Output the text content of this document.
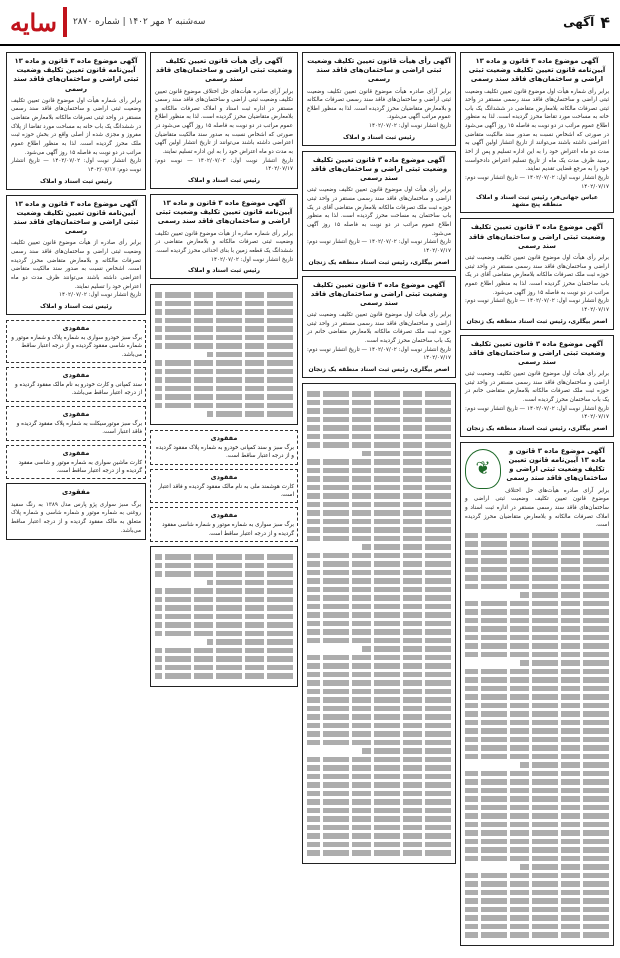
۴
آگهی
سه‌شنبه ۲ مهر ۱۴۰۲ | شماره ۲۸۷۰
سایه
آگهی موضوع ماده ۳ قانون و ماده ۱۳ آیین‌نامه قانون تعیین تکلیف وضعیت ثبتی اراضی و ساختمان‌های فاقد سند رسمی

برابر رأی شماره هیأت اول موضوع قانون تعیین تکلیف وضعیت ثبتی اراضی و ساختمان‌های فاقد سند رسمی مستقر در واحد ثبتی تصرفات مالکانه بلامعارض متقاضی در ششدانگ یک باب خانه به مساحت مورد تقاضا محرز گردیده است. لذا به منظور اطلاع عموم مراتب در دو نوبت به فاصله ۱۵ روز آگهی می‌شود در صورتی که اشخاص نسبت به صدور سند مالکیت متقاضی اعتراضی داشته باشند می‌توانند از تاریخ انتشار اولین آگهی به مدت دو ماه اعتراض خود را به این اداره تسلیم و پس از اخذ رسید ظرف مدت یک ماه از تاریخ تسلیم اعتراض دادخواست خود را به مرجع قضایی تقدیم نمایند.

تاریخ انتشار نوبت اول: ۱۴۰۲/۰۷/۰۲ — تاریخ انتشار نوبت دوم: ۱۴۰۲/۰۷/۱۷

عباس جهانی‌فر، رئیس ثبت اسناد و املاک منطقه پنج مشهد
آگهی موضوع ماده ۳ قانون تعیین تکلیف وضعیت ثبتی اراضی و ساختمان‌های فاقد سند رسمی

برابر رأی هیأت اول موضوع قانون تعیین تکلیف وضعیت ثبتی اراضی و ساختمان‌های فاقد سند رسمی مستقر در واحد ثبتی حوزه ثبت ملک تصرفات مالکانه بلامعارض متقاضی آقای در یک باب ساختمان محرز گردیده است. لذا به منظور اطلاع عموم مراتب در دو نوبت به فاصله ۱۵ روز آگهی می‌شود.

تاریخ انتشار نوبت اول: ۱۴۰۲/۰۷/۰۲ — تاریخ انتشار نوبت دوم: ۱۴۰۲/۰۷/۱۷

اصغر بیگلری، رئیس ثبت اسناد منطقه یک زنجان
آگهی موضوع ماده ۳ قانون تعیین تکلیف وضعیت ثبتی اراضی و ساختمان‌های فاقد سند رسمی

برابر رأی هیأت اول موضوع قانون تعیین تکلیف وضعیت ثبتی اراضی و ساختمان‌های فاقد سند رسمی مستقر در واحد ثبتی حوزه ثبت ملک تصرفات مالکانه بلامعارض متقاضی خانم در یک باب ساختمان محرز گردیده است.

تاریخ انتشار نوبت اول: ۱۴۰۲/۰۷/۰۲ — تاریخ انتشار نوبت دوم: ۱۴۰۲/۰۷/۱۷

اصغر بیگلری، رئیس ثبت اسناد منطقه یک زنجان
❦
آگهی موضوع ماده ۳ قانون و ماده ۱۳ آیین‌نامه قانون تعیین تکلیف وضعیت ثبتی اراضی و ساختمان‌های فاقد سند رسمی

برابر آرای صادره هیأت‌های حل اختلاف موضوع قانون تعیین تکلیف وضعیت ثبتی اراضی و ساختمان‌های فاقد سند رسمی مستقر در اداره ثبت اسناد و املاک تصرفات مالکانه و بلامعارض متقاضیان محرز گردیده است.

آگهی رأی هیأت قانون تعیین تکلیف وضعیت ثبتی اراضی و ساختمان‌های فاقد سند رسمی

برابر آرای صادره هیأت موضوع قانون تعیین تکلیف وضعیت ثبتی اراضی و ساختمان‌های فاقد سند رسمی تصرفات مالکانه و بلامعارض متقاضیان محرز گردیده است. لذا به منظور اطلاع عموم مراتب آگهی می‌شود.

تاریخ انتشار نوبت اول: ۱۴۰۲/۰۷/۰۲

رئیس ثبت اسناد و املاک
آگهی موضوع ماده ۳ قانون تعیین تکلیف وضعیت ثبتی اراضی و ساختمان‌های فاقد سند رسمی

برابر رأی هیأت اول موضوع قانون تعیین تکلیف وضعیت ثبتی اراضی و ساختمان‌های فاقد سند رسمی مستقر در واحد ثبتی حوزه ثبت ملک تصرفات مالکانه بلامعارض متقاضی آقای در یک باب ساختمان به مساحت محرز گردیده است. لذا به منظور اطلاع عموم مراتب در دو نوبت به فاصله ۱۵ روز آگهی می‌شود.

تاریخ انتشار نوبت اول: ۱۴۰۲/۰۷/۰۲ — تاریخ انتشار نوبت دوم: ۱۴۰۲/۰۷/۱۷

اصغر بیگلری، رئیس ثبت اسناد منطقه یک زنجان
آگهی موضوع ماده ۳ قانون تعیین تکلیف وضعیت ثبتی اراضی و ساختمان‌های فاقد سند رسمی

برابر رأی هیأت اول موضوع قانون تعیین تکلیف وضعیت ثبتی اراضی و ساختمان‌های فاقد سند رسمی مستقر در واحد ثبتی حوزه ثبت ملک تصرفات مالکانه بلامعارض متقاضی خانم در یک باب ساختمان محرز گردیده است.

تاریخ انتشار نوبت اول: ۱۴۰۲/۰۷/۰۲ — تاریخ انتشار نوبت دوم: ۱۴۰۲/۰۷/۱۷

اصغر بیگلری، رئیس ثبت اسناد منطقه یک زنجان
آگهی رأی هیأت قانون تعیین تکلیف وضعیت ثبتی اراضی و ساختمان‌های فاقد سند رسمی

برابر آرای صادره هیأت‌های حل اختلاف موضوع قانون تعیین تکلیف وضعیت ثبتی اراضی و ساختمان‌های فاقد سند رسمی مستقر در اداره ثبت اسناد و املاک تصرفات مالکانه و بلامعارض متقاضیان محرز گردیده است. لذا به منظور اطلاع عموم مراتب در دو نوبت به فاصله ۱۵ روز آگهی می‌شود در صورتی که اشخاص نسبت به صدور سند مالکیت متقاضیان اعتراضی داشته باشند می‌توانند از تاریخ انتشار اولین آگهی به مدت دو ماه اعتراض خود را به این اداره تسلیم نمایند.

تاریخ انتشار نوبت اول: ۱۴۰۲/۰۷/۰۲ — نوبت دوم: ۱۴۰۲/۰۷/۱۷

رئیس ثبت اسناد و املاک
آگهی موضوع ماده ۳ قانون و ماده ۱۳ آیین‌نامه قانون تعیین تکلیف وضعیت ثبتی اراضی و ساختمان‌های فاقد سند رسمی

برابر رأی شماره صادره از هیأت موضوع قانون تعیین تکلیف وضعیت ثبتی تصرفات مالکانه و بلامعارض متقاضی در ششدانگ یک قطعه زمین با بنای احداثی محرز گردیده است.

تاریخ انتشار نوبت اول: ۱۴۰۲/۰۷/۰۲

رئیس ثبت اسناد و املاک
مفقودی

برگ سبز و سند کمپانی خودرو به شماره پلاک مفقود گردیده و از درجه اعتبار ساقط است.

مفقودی

کارت هوشمند ملی به نام مالک مفقود گردیده و فاقد اعتبار است.

مفقودی

برگ سبز سواری به شماره موتور و شماره شاسی مفقود گردیده و از درجه اعتبار ساقط است.

آگهی موضوع ماده ۳ قانون و ماده ۱۳ آیین‌نامه قانون تعیین تکلیف وضعیت ثبتی اراضی و ساختمان‌های فاقد سند رسمی

برابر رأی شماره هیأت اول موضوع قانون تعیین تکلیف وضعیت ثبتی اراضی و ساختمان‌های فاقد سند رسمی مستقر در واحد ثبتی تصرفات مالکانه بلامعارض متقاضی در ششدانگ یک باب خانه به مساحت مورد تقاضا از پلاک مفروز و مجزی شده از اصلی واقع در بخش حوزه ثبت ملک محرز گردیده است. لذا به منظور اطلاع عموم مراتب در دو نوبت به فاصله ۱۵ روز آگهی می‌شود.

تاریخ انتشار نوبت اول: ۱۴۰۲/۰۷/۰۲ — تاریخ انتشار نوبت دوم: ۱۴۰۲/۰۷/۱۷

رئیس ثبت اسناد و املاک
آگهی موضوع ماده ۳ قانون و ماده ۱۳ آیین‌نامه قانون تعیین تکلیف وضعیت ثبتی اراضی و ساختمان‌های فاقد سند رسمی

برابر رأی صادره از هیأت موضوع قانون تعیین تکلیف وضعیت ثبتی اراضی و ساختمان‌های فاقد سند رسمی تصرفات مالکانه و بلامعارض متقاضی محرز گردیده است. اشخاص نسبت به صدور سند مالکیت متقاضی اعتراضی داشته باشند می‌توانند ظرف مدت دو ماه اعتراض خود را تسلیم نمایند.

تاریخ انتشار نوبت اول: ۱۴۰۲/۰۷/۰۲

رئیس ثبت اسناد و املاک
مفقودی

برگ سبز خودرو سواری به شماره پلاک و شماره موتور و شماره شاسی مفقود گردیده و از درجه اعتبار ساقط می‌باشد.

مفقودی

سند کمپانی و کارت خودرو به نام مالک مفقود گردیده و از درجه اعتبار ساقط می‌باشد.

مفقودی

برگ سبز موتورسیکلت به شماره پلاک مفقود گردیده و فاقد اعتبار است.

مفقودی

کارت ماشین سواری به شماره موتور و شاسی مفقود گردیده و از درجه اعتبار ساقط است.

مفقودی

برگ سبز سواری پژو پارس مدل ۱۳۸۹ به رنگ سفید روغنی به شماره موتور و شماره شاسی و شماره پلاک متعلق به مالک مفقود گردیده و از درجه اعتبار ساقط می‌باشد.
